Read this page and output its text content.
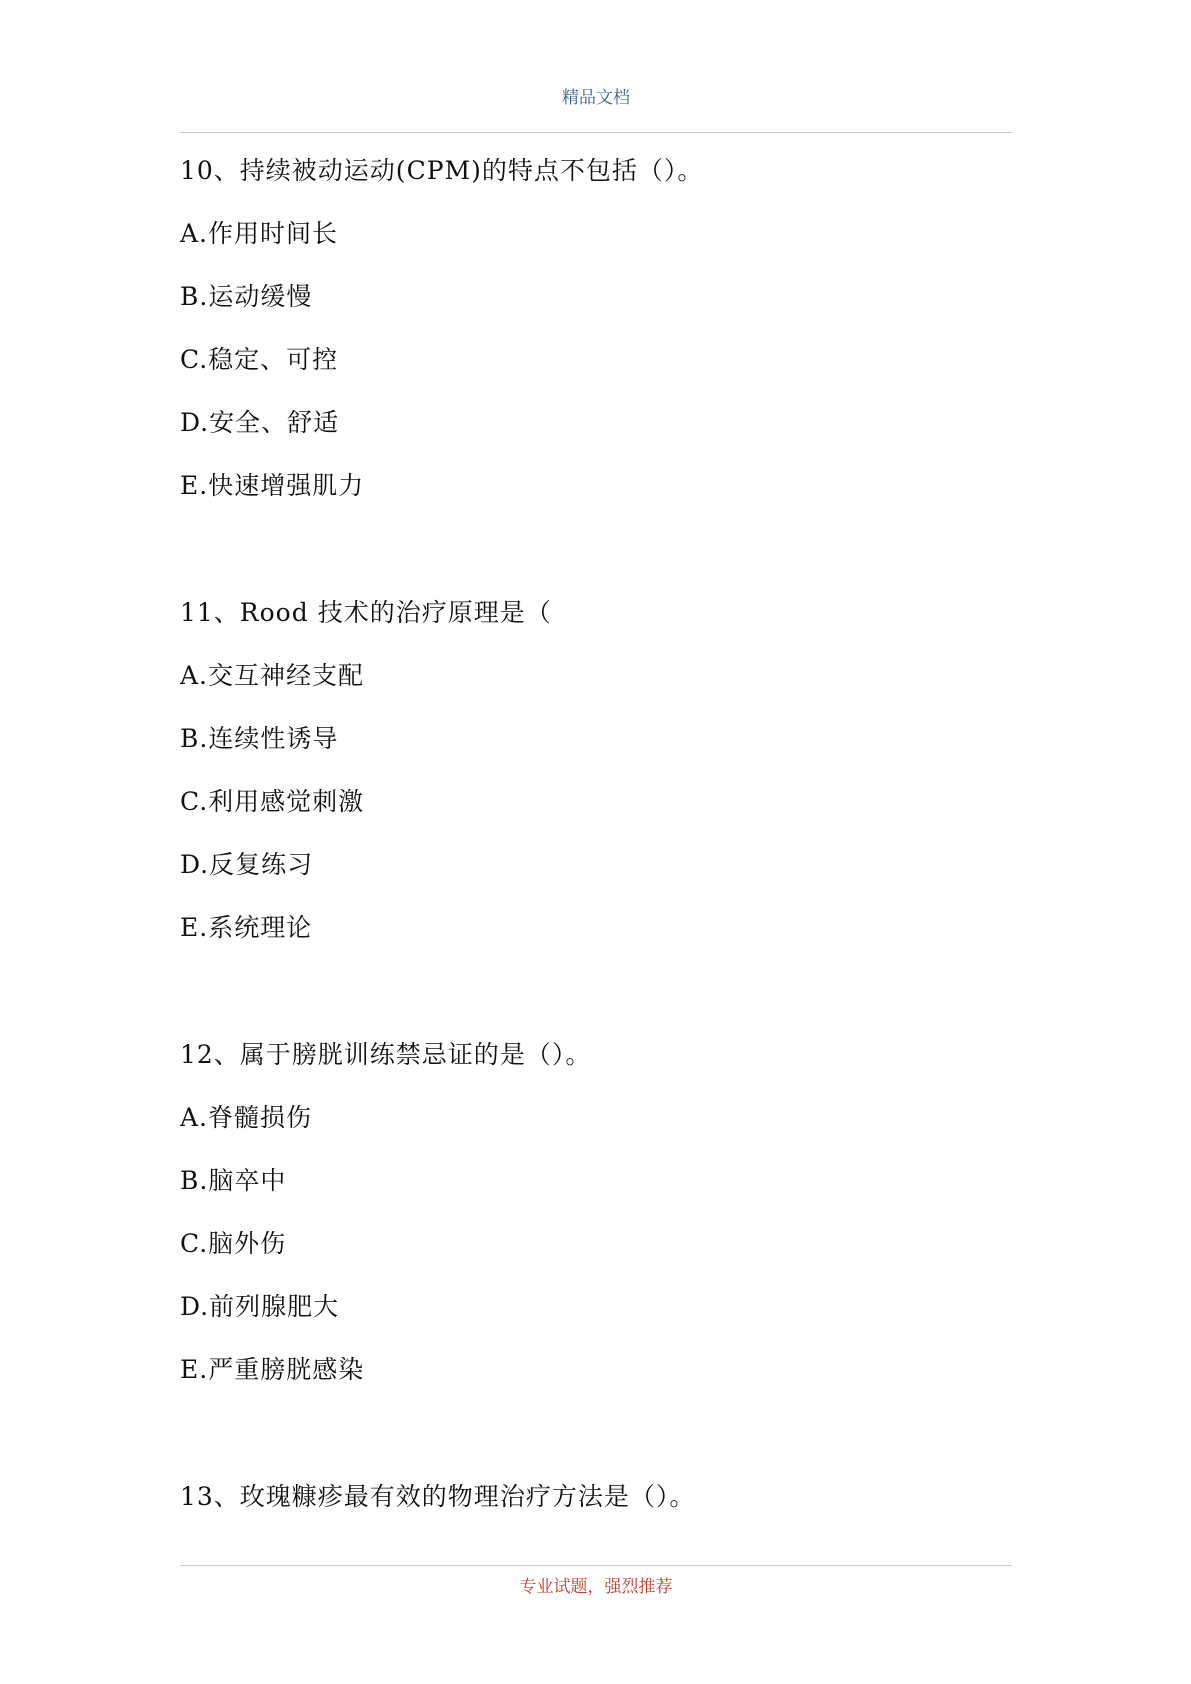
精品文档
10、持续被动运动(CPM)的特点不包括（）。
A.作用时间长
B.运动缓慢
C.稳定、可控
D.安全、舒适
E.快速增强肌力
11、Rood 技术的治疗原理是（
A.交互神经支配
B.连续性诱导
C.利用感觉刺激
D.反复练习
E.系统理论
12、属于膀胱训练禁忌证的是（）。
A.脊髓损伤
B.脑卒中
C.脑外伤
D.前列腺肥大
E.严重膀胱感染
13、玫瑰糠疹最有效的物理治疗方法是（）。
专业试题，强烈推荐
